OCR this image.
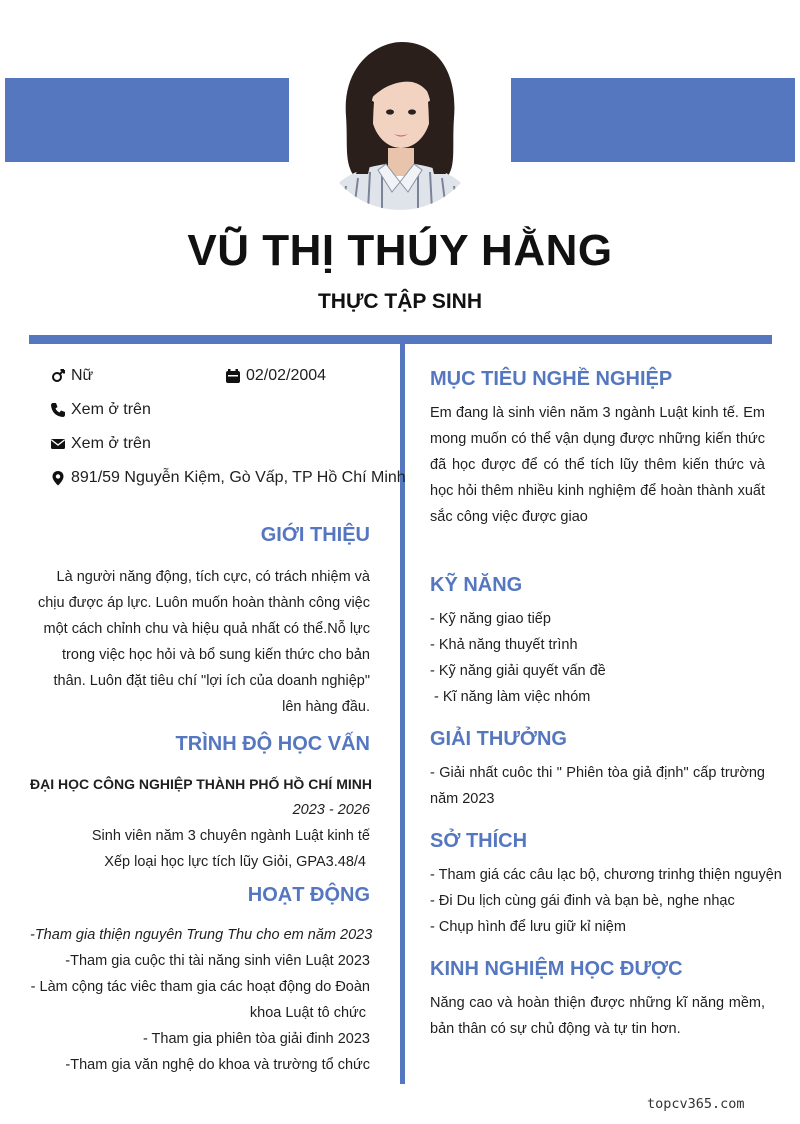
VŨ THỊ THÚY HẰNG
THỰC TẬP SINH
Nữ	02/02/2004
Xem ở trên
Xem ở trên
891/59 Nguyễn Kiệm, Gò Vấp, TP Hồ Chí Minh
GIỚI THIỆU
Là người năng động, tích cực, có trách nhiệm và chịu được áp lực. Luôn muốn hoàn thành công việc một cách chỉnh chu và hiệu quả nhất có thể.Nỗ lực trong việc học hỏi và bổ sung kiến thức cho bản thân. Luôn đặt tiêu chí "lợi ích của doanh nghiệp" lên hàng đầu.
TRÌNH ĐỘ HỌC VẤN
ĐẠI HỌC CÔNG NGHIỆP THÀNH PHỐ HỒ CHÍ MINH
2023 - 2026
Sinh viên năm 3 chuyên ngành Luật kinh tế
Xếp loại học lực tích lũy Giỏi, GPA3.48/4
HOẠT ĐỘNG
-Tham gia thiện nguyên Trung Thu cho em năm 2023
-Tham gia cuộc thi tài năng sinh viên Luật 2023
- Làm cộng tác viêc tham gia các hoạt động do Đoàn
khoa Luật tô chức
- Tham gia phiên tòa giải đinh 2023
-Tham gia văn nghệ do khoa và trường tổ chức
MỤC TIÊU NGHỀ NGHIỆP
Em đang là sinh viên năm 3 ngành Luật kinh tế. Em mong muốn có thể vận dụng được những kiến thức đã học được để có thể tích lũy thêm kiến thức và học hỏi thêm nhiều kinh nghiệm để hoàn thành xuất sắc công việc được giao
KỸ NĂNG
- Kỹ năng giao tiếp
- Khả năng thuyết trình
- Kỹ năng giải quyết vấn đề
- Kĩ năng làm việc nhóm
GIẢI THƯỞNG
- Giải nhất cuôc thi " Phiên tòa giả định" cấp trường năm 2023
SỞ THÍCH
- Tham giá các câu lạc bộ, chương trinhg thiện nguyện
- Đi Du lịch cùng gái đinh và bạn bè, nghe nhạc
- Chụp hình để lưu giữ kỉ niệm
KINH NGHIỆM HỌC ĐƯỢC
Năng cao và hoàn thiện được những kĩ năng mềm, bản thân có sự chủ động và tự tin hơn.
topcv365.com
